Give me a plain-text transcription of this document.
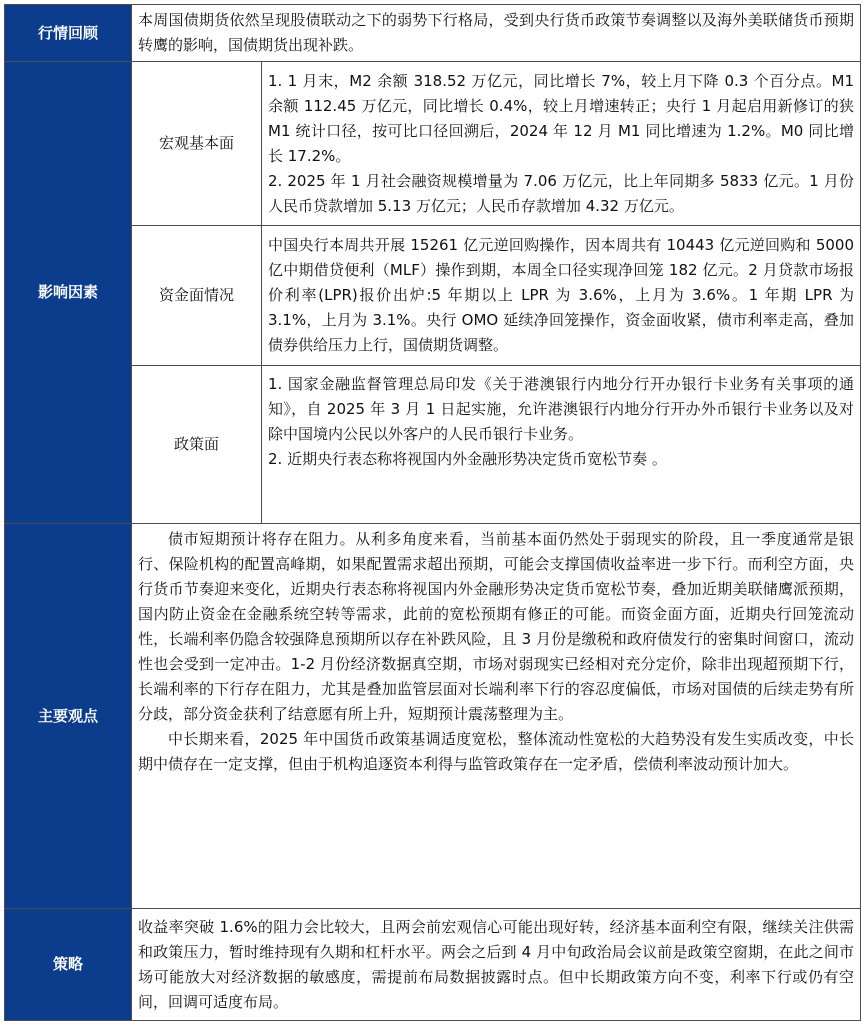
行情回顾	本周国债期货依然呈现股债联动之下的弱势下行格局，受到央行货币政策节奏调整以及海外美联储货币预期转鹰的影响，国债期货出现补跌。	
影响因素	宏观基本面	1. 1 月末，M2 余额 318.52 万亿元，同比增长 7%，较上月下降 0.3 个百分点。M1 余额 112.45 万亿元，同比增长 0.4%，较上月增速转正；央行 1 月起启用新修订的狭 M1 统计口径，按可比口径回溯后，2024 年 12 月 M1 同比增速为 1.2%。M0 同比增长 17.2%。

2. 2025 年 1 月社会融资规模增量为 7.06 万亿元，比上年同期多 5833 亿元。1 月份人民币贷款增加 5.13 万亿元；人民币存款增加 4.32 万亿元。

	资金面情况	中国央行本周共开展 15261 亿元逆回购操作，因本周共有 10443 亿元逆回购和 5000 亿中期借贷便利（MLF）操作到期，本周全口径实现净回笼 182 亿元。2 月贷款市场报价利率(LPR)报价出炉:5 年期以上 LPR 为 3.6%，上月为 3.6%。1 年期 LPR 为 3.1%，上月为 3.1%。央行 OMO 延续净回笼操作，资金面收紧，债市利率走高，叠加债券供给压力上行，国债期货调整。
	政策面	1. 国家金融监督管理总局印发《关于港澳银行内地分行开办银行卡业务有关事项的通知》，自 2025 年 3 月 1 日起实施，允许港澳银行内地分行开办外币银行卡业务以及对除中国境内公民以外客户的人民币银行卡业务。

2. 近期央行表态称将视国内外金融形势决定货币宽松节奏 。

主要观点	债市短期预计将存在阻力。从利多角度来看，当前基本面仍然处于弱现实的阶段，且一季度通常是银行、保险机构的配置高峰期，如果配置需求超出预期，可能会支撑国债收益率进一步下行。而利空方面，央行货币节奏迎来变化，近期央行表态称将视国内外金融形势决定货币宽松节奏，叠加近期美联储鹰派预期，国内防止资金在金融系统空转等需求，此前的宽松预期有修正的可能。而资金面方面，近期央行回笼流动性，长端利率仍隐含较强降息预期所以存在补跌风险，且 3 月份是缴税和政府债发行的密集时间窗口，流动性也会受到一定冲击。1-2 月份经济数据真空期，市场对弱现实已经相对充分定价，除非出现超预期下行，长端利率的下行存在阻力，尤其是叠加监管层面对长端利率下行的容忍度偏低，市场对国债的后续走势有所分歧，部分资金获利了结意愿有所上升，短期预计震荡整理为主。

中长期来看，2025 年中国货币政策基调适度宽松，整体流动性宽松的大趋势没有发生实质改变，中长期中债存在一定支撑，但由于机构追逐资本利得与监管政策存在一定矛盾，偿债利率波动预计加大。	

策略	收益率突破 1.6%的阻力会比较大，且两会前宏观信心可能出现好转，经济基本面利空有限，继续关注供需和政策压力，暂时维持现有久期和杠杆水平。两会之后到 4 月中旬政治局会议前是政策空窗期，在此之间市场可能放大对经济数据的敏感度，需提前布局数据披露时点。但中长期政策方向不变，利率下行或仍有空间，回调可适度布局。	
